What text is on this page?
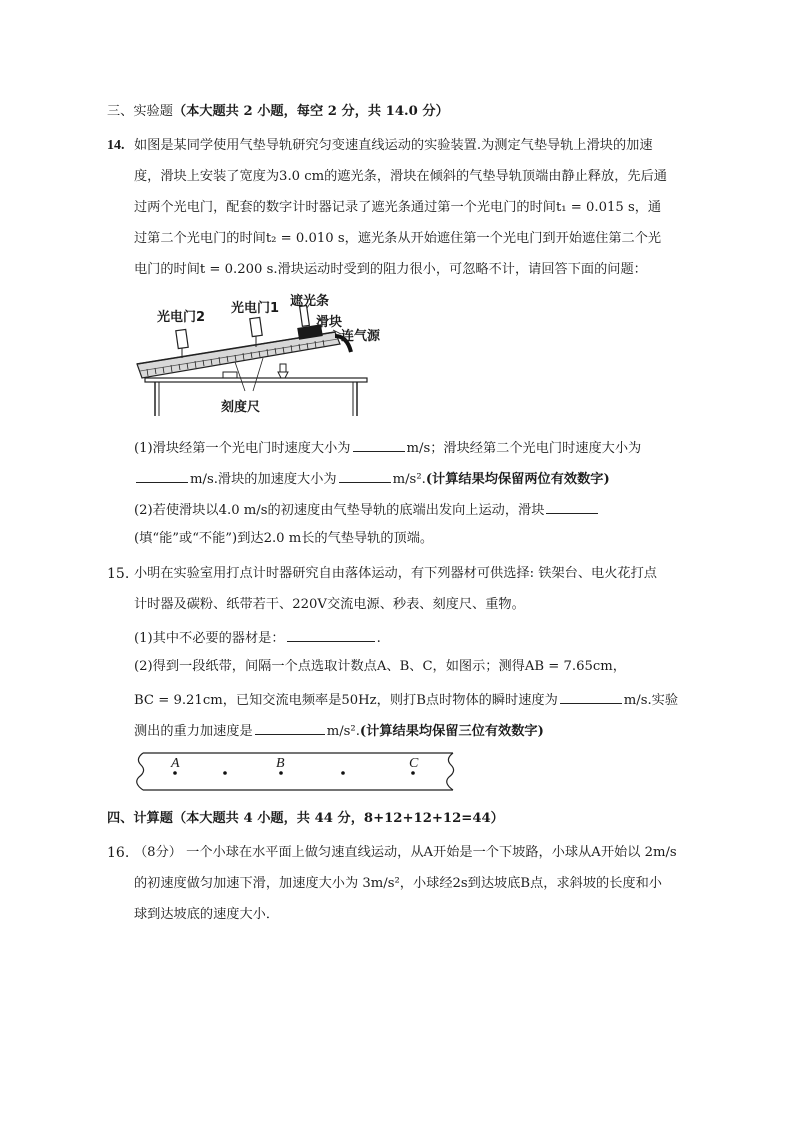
三、实验题（本大题共 2 小题，每空 2 分，共 14.0 分）
14. 如图是某同学使用气垫导轨研究匀变速直线运动的实验装置.为测定气垫导轨上滑块的加速
度，滑块上安装了宽度为3.0 cm的遮光条，滑块在倾斜的气垫导轨顶端由静止释放，先后通
过两个光电门，配套的数字计时器记录了遮光条通过第一个光电门的时间t₁ = 0.015 s，通
过第二个光电门的时间t₂ = 0.010 s，遮光条从开始遮住第一个光电门到开始遮住第二个光
电门的时间t = 0.200 s.滑块运动时受到的阻力很小，可忽略不计，请回答下面的问题：
光电门2
光电门1 遮光条
滑块
连气源
刻度尺
(1)滑块经第一个光电门时速度大小为	m/s；滑块经第二个光电门时速度大小为
m/s.滑块的加速度大小为	m/s².(计算结果均保留两位有效数字)
(2)若使滑块以4.0 m/s的初速度由气垫导轨的底端出发向上运动，滑块
(填“能”或“不能”)到达2.0 m长的气垫导轨的顶端。
15. 小明在实验室用打点计时器研究自由落体运动，有下列器材可供选择: 铁架台、电火花打点
计时器及碳粉、纸带若干、220V交流电源、秒表、刻度尺、重物。
(1)其中不必要的器材是：	.
(2)得到一段纸带，间隔一个点选取计数点A、B、C，如图示；测得AB = 7.65cm，
BC = 9.21cm，已知交流电频率是50Hz，则打B点时物体的瞬时速度为	m/s.实验
测出的重力加速度是	m/s².(计算结果均保留三位有效数字)
A	B	C
四、计算题（本大题共 4 小题，共 44 分，8+12+12+12=44）
16. （8分） 一个小球在水平面上做匀速直线运动，从A开始是一个下坡路，小球从A开始以 2m/s
的初速度做匀加速下滑，加速度大小为 3m/s²，小球经2s到达坡底B点，求斜坡的长度和小
球到达坡底的速度大小．
